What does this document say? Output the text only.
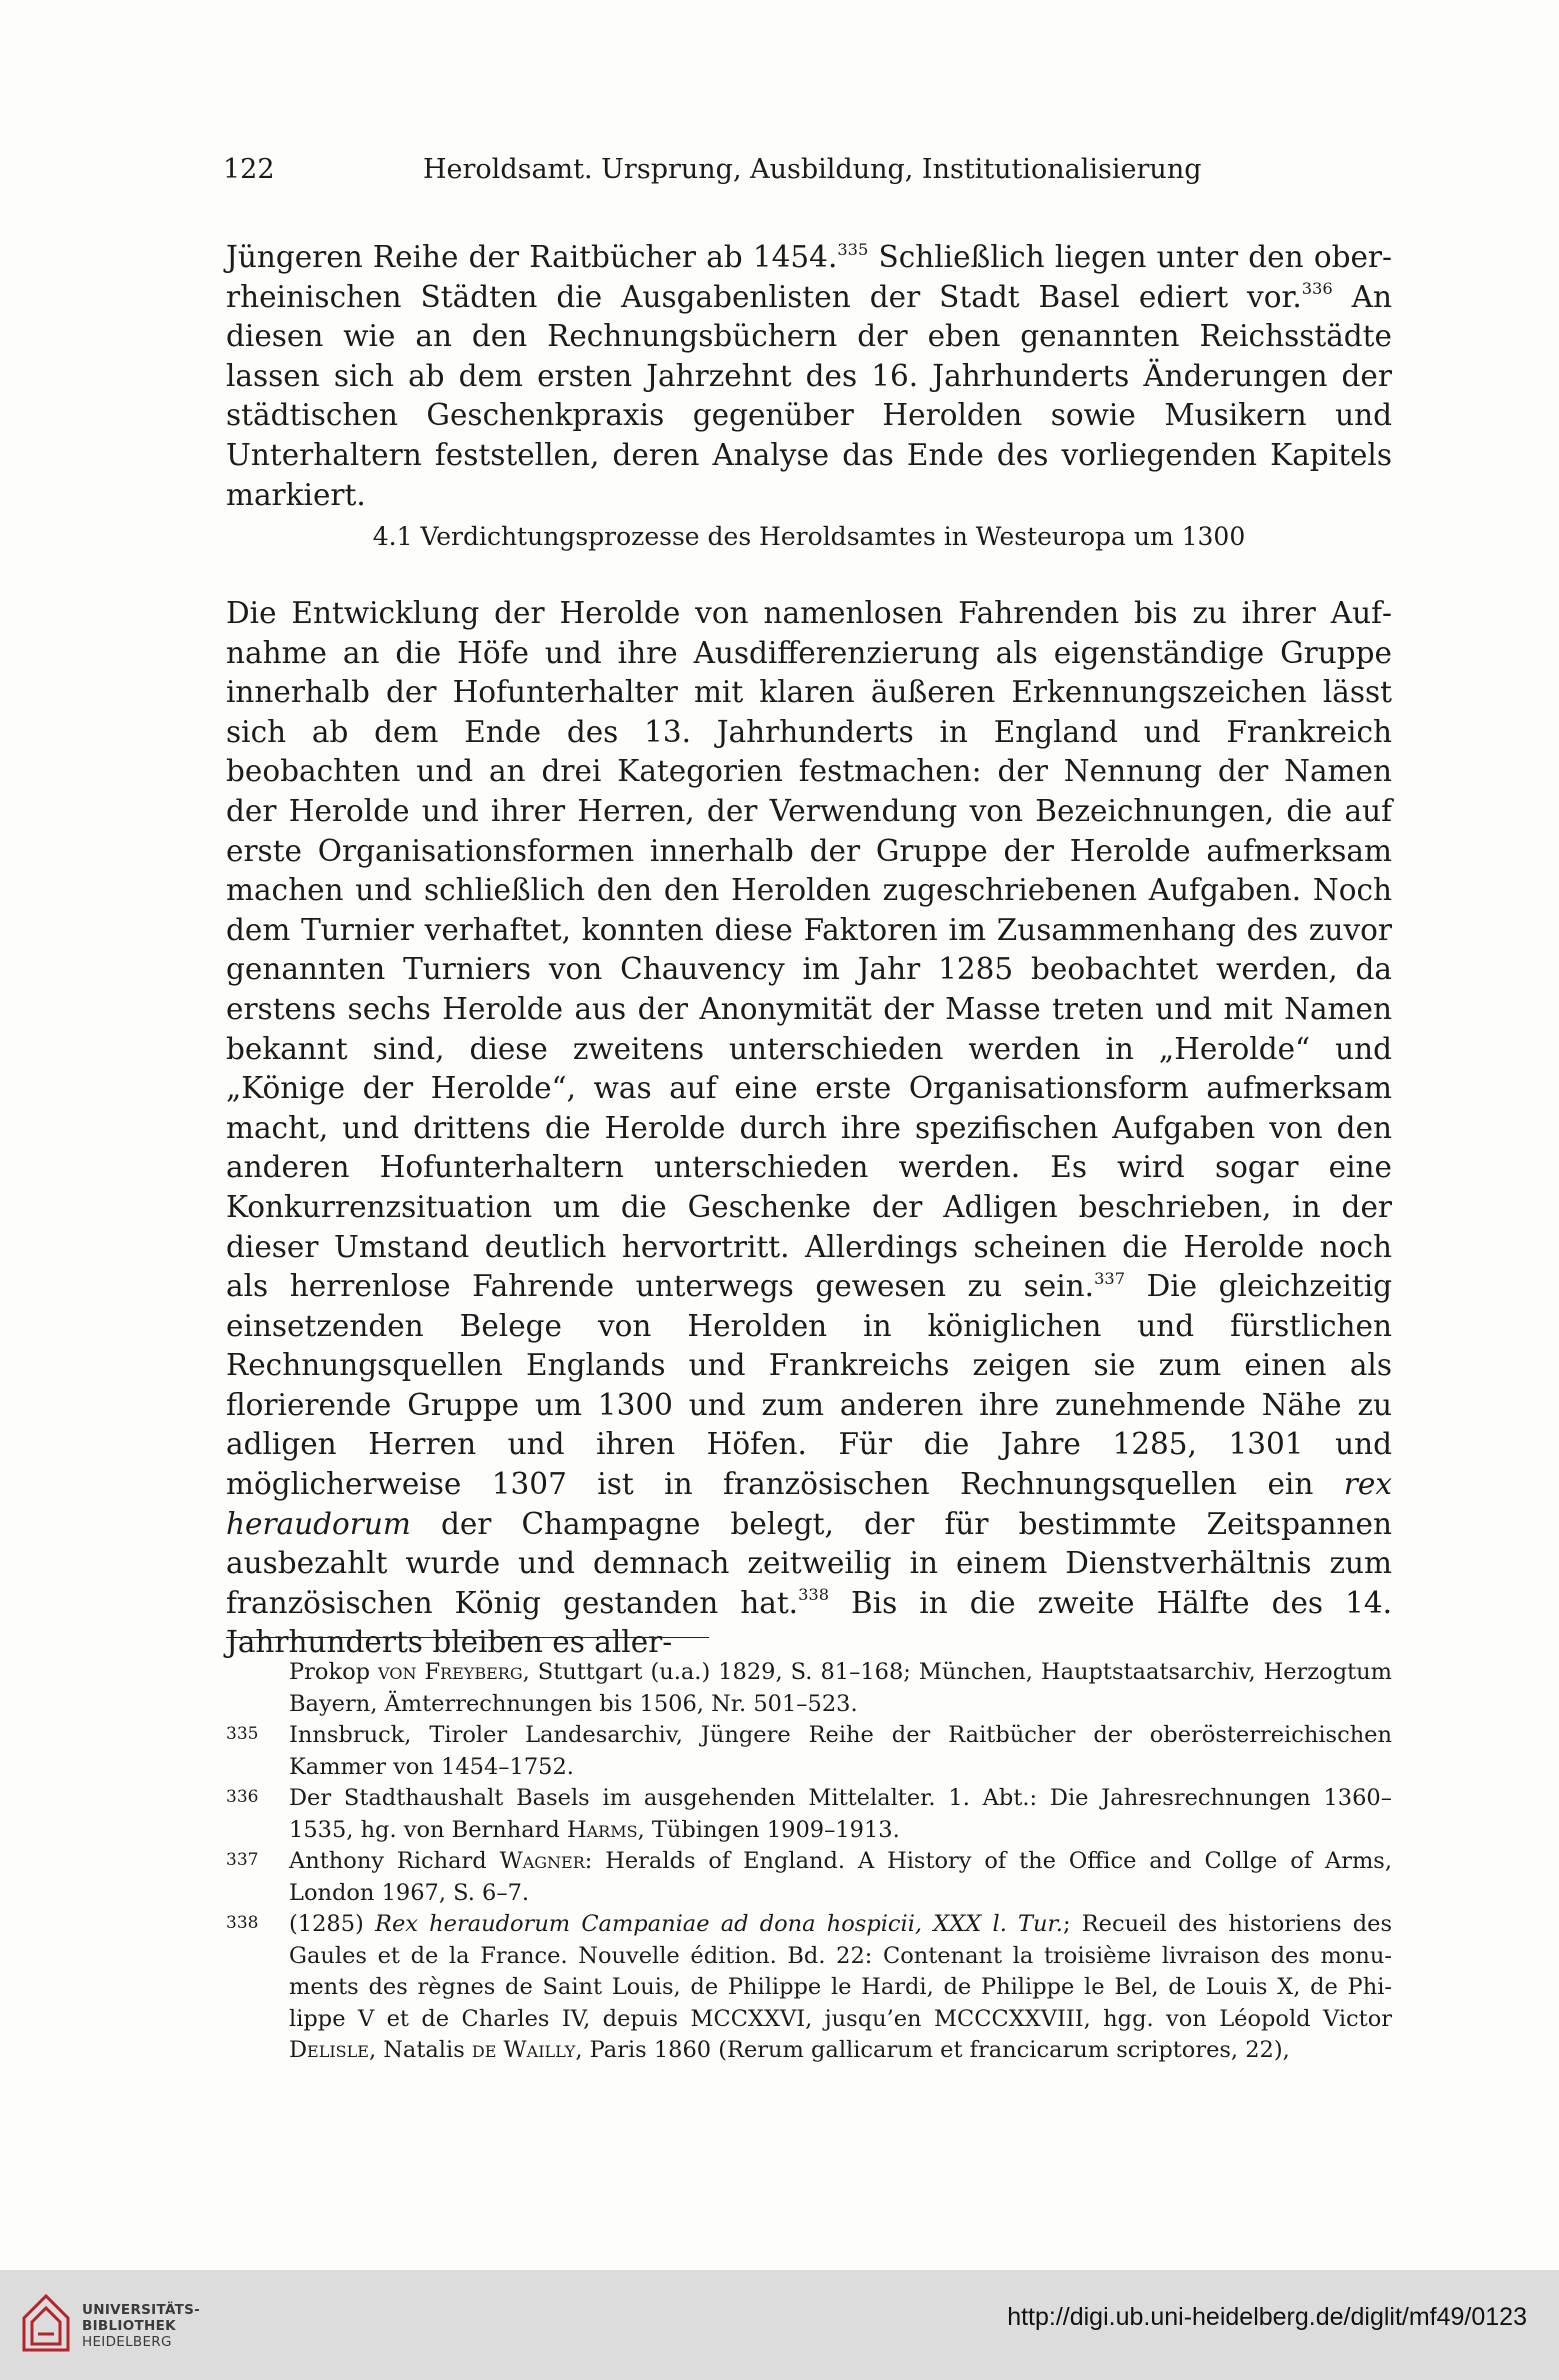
122	Heroldsamt. Ursprung, Ausbildung, Institutionalisierung

Jüngeren Reihe der Raitbücher ab 1454.$^{335}$ Schließlich liegen unter den oberrheinischen Städten die Ausgabenlisten der Stadt Basel ediert vor.$^{336}$ An diesen wie an den Rechnungsbüchern der eben genannten Reichsstädte lassen sich ab dem ersten Jahrzehnt des 16. Jahrhunderts Änderungen der städtischen Geschenkpraxis gegenüber Herolden sowie Musikern und Unterhaltern feststellen, deren Analyse das Ende des vorliegenden Kapitels markiert.

4.1 Verdichtungsprozesse des Heroldsamtes in Westeuropa um 1300

Die Entwicklung der Herolde von namenlosen Fahrenden bis zu ihrer Aufnahme an die Höfe und ihre Ausdifferenzierung als eigenständige Gruppe innerhalb der Hofunterhalter mit klaren äußeren Erkennungszeichen lässt sich ab dem Ende des 13. Jahrhunderts in England und Frankreich beobachten und an drei Kategorien festmachen: der Nennung der Namen der Herolde und ihrer Herren, der Verwendung von Bezeichnungen, die auf erste Organisationsformen innerhalb der Gruppe der Herolde aufmerksam machen und schließlich den den Herolden zugeschriebenen Aufgaben. Noch dem Turnier verhaftet, konnten diese Faktoren im Zusammenhang des zuvor genannten Turniers von Chauvency im Jahr 1285 beobachtet werden, da erstens sechs Herolde aus der Anonymität der Masse treten und mit Namen bekannt sind, diese zweitens unterschieden werden in „Herolde“ und „Könige der Herolde“, was auf eine erste Organisationsform aufmerksam macht, und drittens die Herolde durch ihre spezifischen Aufgaben von den anderen Hofunterhaltern unterschieden werden. Es wird sogar eine Konkurrenzsituation um die Geschenke der Adligen beschrieben, in der dieser Umstand deutlich hervortritt. Allerdings scheinen die Herolde noch als herrenlose Fahrende unterwegs gewesen zu sein.$^{337}$ Die gleichzeitig einsetzenden Belege von Herolden in königlichen und fürstlichen Rechnungsquellen Englands und Frankreichs zeigen sie zum einen als florierende Gruppe um 1300 und zum anderen ihre zunehmende Nähe zu adligen Herren und ihren Höfen. Für die Jahre 1285, 1301 und möglicherweise 1307 ist in französischen Rechnungsquellen ein rex heraudorum der Champagne belegt, der für bestimmte Zeitspannen ausbezahlt wurde und demnach zeitweilig in einem Dienstverhältnis zum französischen König gestanden hat.$^{338}$ Bis in die zweite Hälfte des 14. Jahrhunderts bleiben es aller-

Prokop von Freyberg, Stuttgart (u.a.) 1829, S. 81–168; München, Hauptstaatsarchiv, Herzogtum Bayern, Ämterrechnungen bis 1506, Nr. 501–523.

335 Innsbruck, Tiroler Landesarchiv, Jüngere Reihe der Raitbücher der oberösterreichischen Kammer von 1454–1752.

336 Der Stadthaushalt Basels im ausgehenden Mittelalter. 1. Abt.: Die Jahresrechnungen 1360–1535, hg. von Bernhard Harms, Tübingen 1909–1913.

337 Anthony Richard Wagner: Heralds of England. A History of the Office and Collge of Arms, London 1967, S. 6–7.

338 (1285) Rex heraudorum Campaniae ad dona hospicii, XXX l. Tur.; Recueil des historiens des Gaules et de la France. Nouvelle édition. Bd. 22: Contenant la troisième livraison des monuments des règnes de Saint Louis, de Philippe le Hardi, de Philippe le Bel, de Louis X, de Philippe V et de Charles IV, depuis MCCXXVI, jusqu’en MCCCXXVIII, hgg. von Léopold Victor Delisle, Natalis de Wailly, Paris 1860 (Rerum gallicarum et francicarum scriptores, 22),

UNIVERSITÄTS-
BIBLIOTHEK
HEIDELBERG
http://digi.ub.uni-heidelberg.de/diglit/mf49/0123
